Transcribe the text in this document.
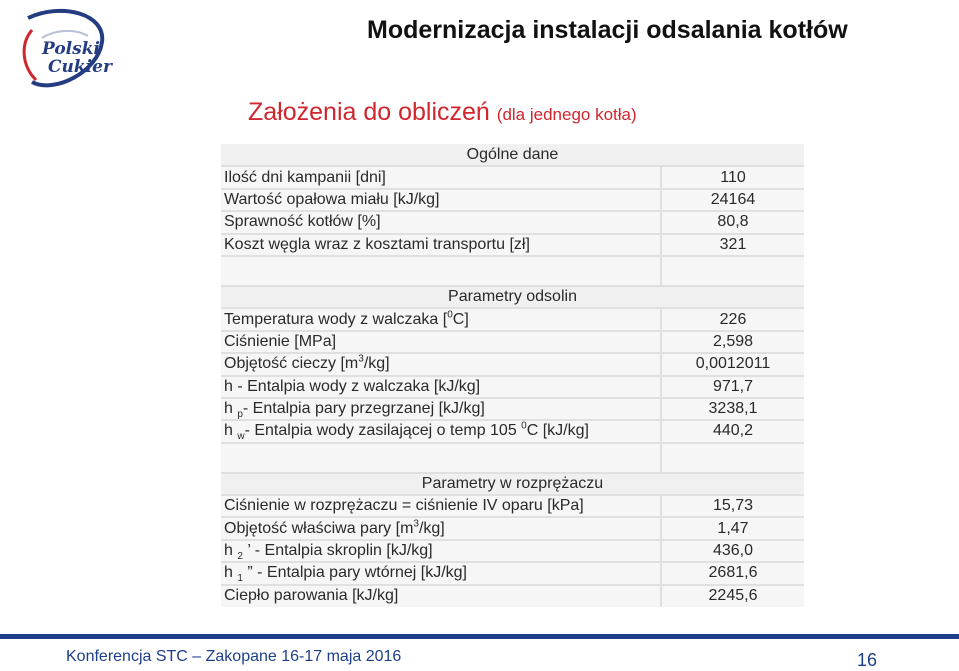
Polski
Cukier
Modernizacja instalacji odsalania kotłów
Założenia do obliczeń (dla jednego kotła)
Ogólne dane	
Ilość dni kampanii [dni]	110
Wartość opałowa miału [kJ/kg]	24164
Sprawność kotłów [%]	80,8
Koszt węgla wraz z kosztami transportu [zł]	321

Parametry odsolin	
Temperatura wody z walczaka [$^0$C]	226
Ciśnienie [MPa]	2,598
Objętość cieczy $[m^3/kg]$	0,0012011
h - Entalpia wody z walczaka [kJ/kg]	971,7
h $_p$- Entalpia pary przegrzanej [kJ/kg]	3238,1
h $_w$- Entalpia wody zasilającej o temp 105 $^0$C [kJ/kg]	440,2

Parametry w rozprężaczu	
Ciśnienie w rozprężaczu = ciśnienie IV oparu [kPa]	15,73
Objętość właściwa pary $[m^3/kg]$	1,47
h $_2$ ’ - Entalpia skroplin [kJ/kg]	436,0
h $_1$ ” - Entalpia pary wtórnej [kJ/kg]	2681,6
Ciepło parowania [kJ/kg]	2245,6
Konferencja STC – Zakopane 16-17 maja 2016	16
